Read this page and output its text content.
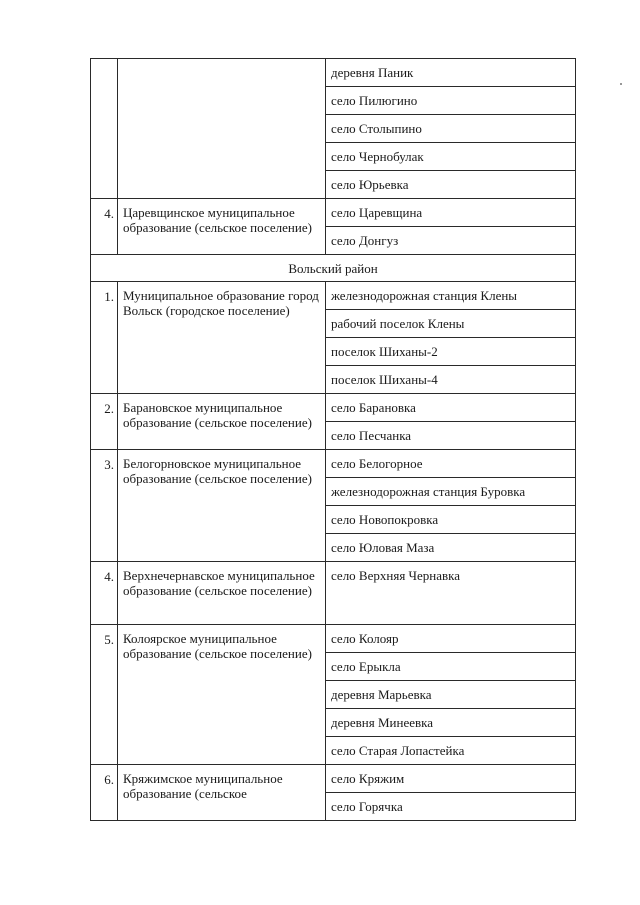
		деревня Паник
		село Пилюгино
		село Столыпино
		село Чернобулак
		село Юрьевка
4.	Царевщинское муниципальное образование (сельское поселение)	село Царевщина
		село Донгуз
Вольский район		
1.	Муниципальное образование город Вольск (городское поселение)	железнодорожная станция Клены
		рабочий поселок Клены
		поселок Шиханы-2
		поселок Шиханы-4
2.	Барановское муниципальное образование (сельское поселение)	село Барановка
		село Песчанка
3.	Белогорновское муниципальное образование (сельское поселение)	село Белогорное
		железнодорожная станция Буровка
		село Новопокровка
		село Юловая Маза
4.	Верхнечернавское муниципальное образование (сельское поселение)	село Верхняя Чернавка
5.	Колоярское муниципальное образование (сельское поселение)	село Колояр
		село Ерыкла
		деревня Марьевка
		деревня Минеевка
		село Старая Лопастейка
6.	Кряжимское муниципальное образование (сельское	село Кряжим
		село Горячка
